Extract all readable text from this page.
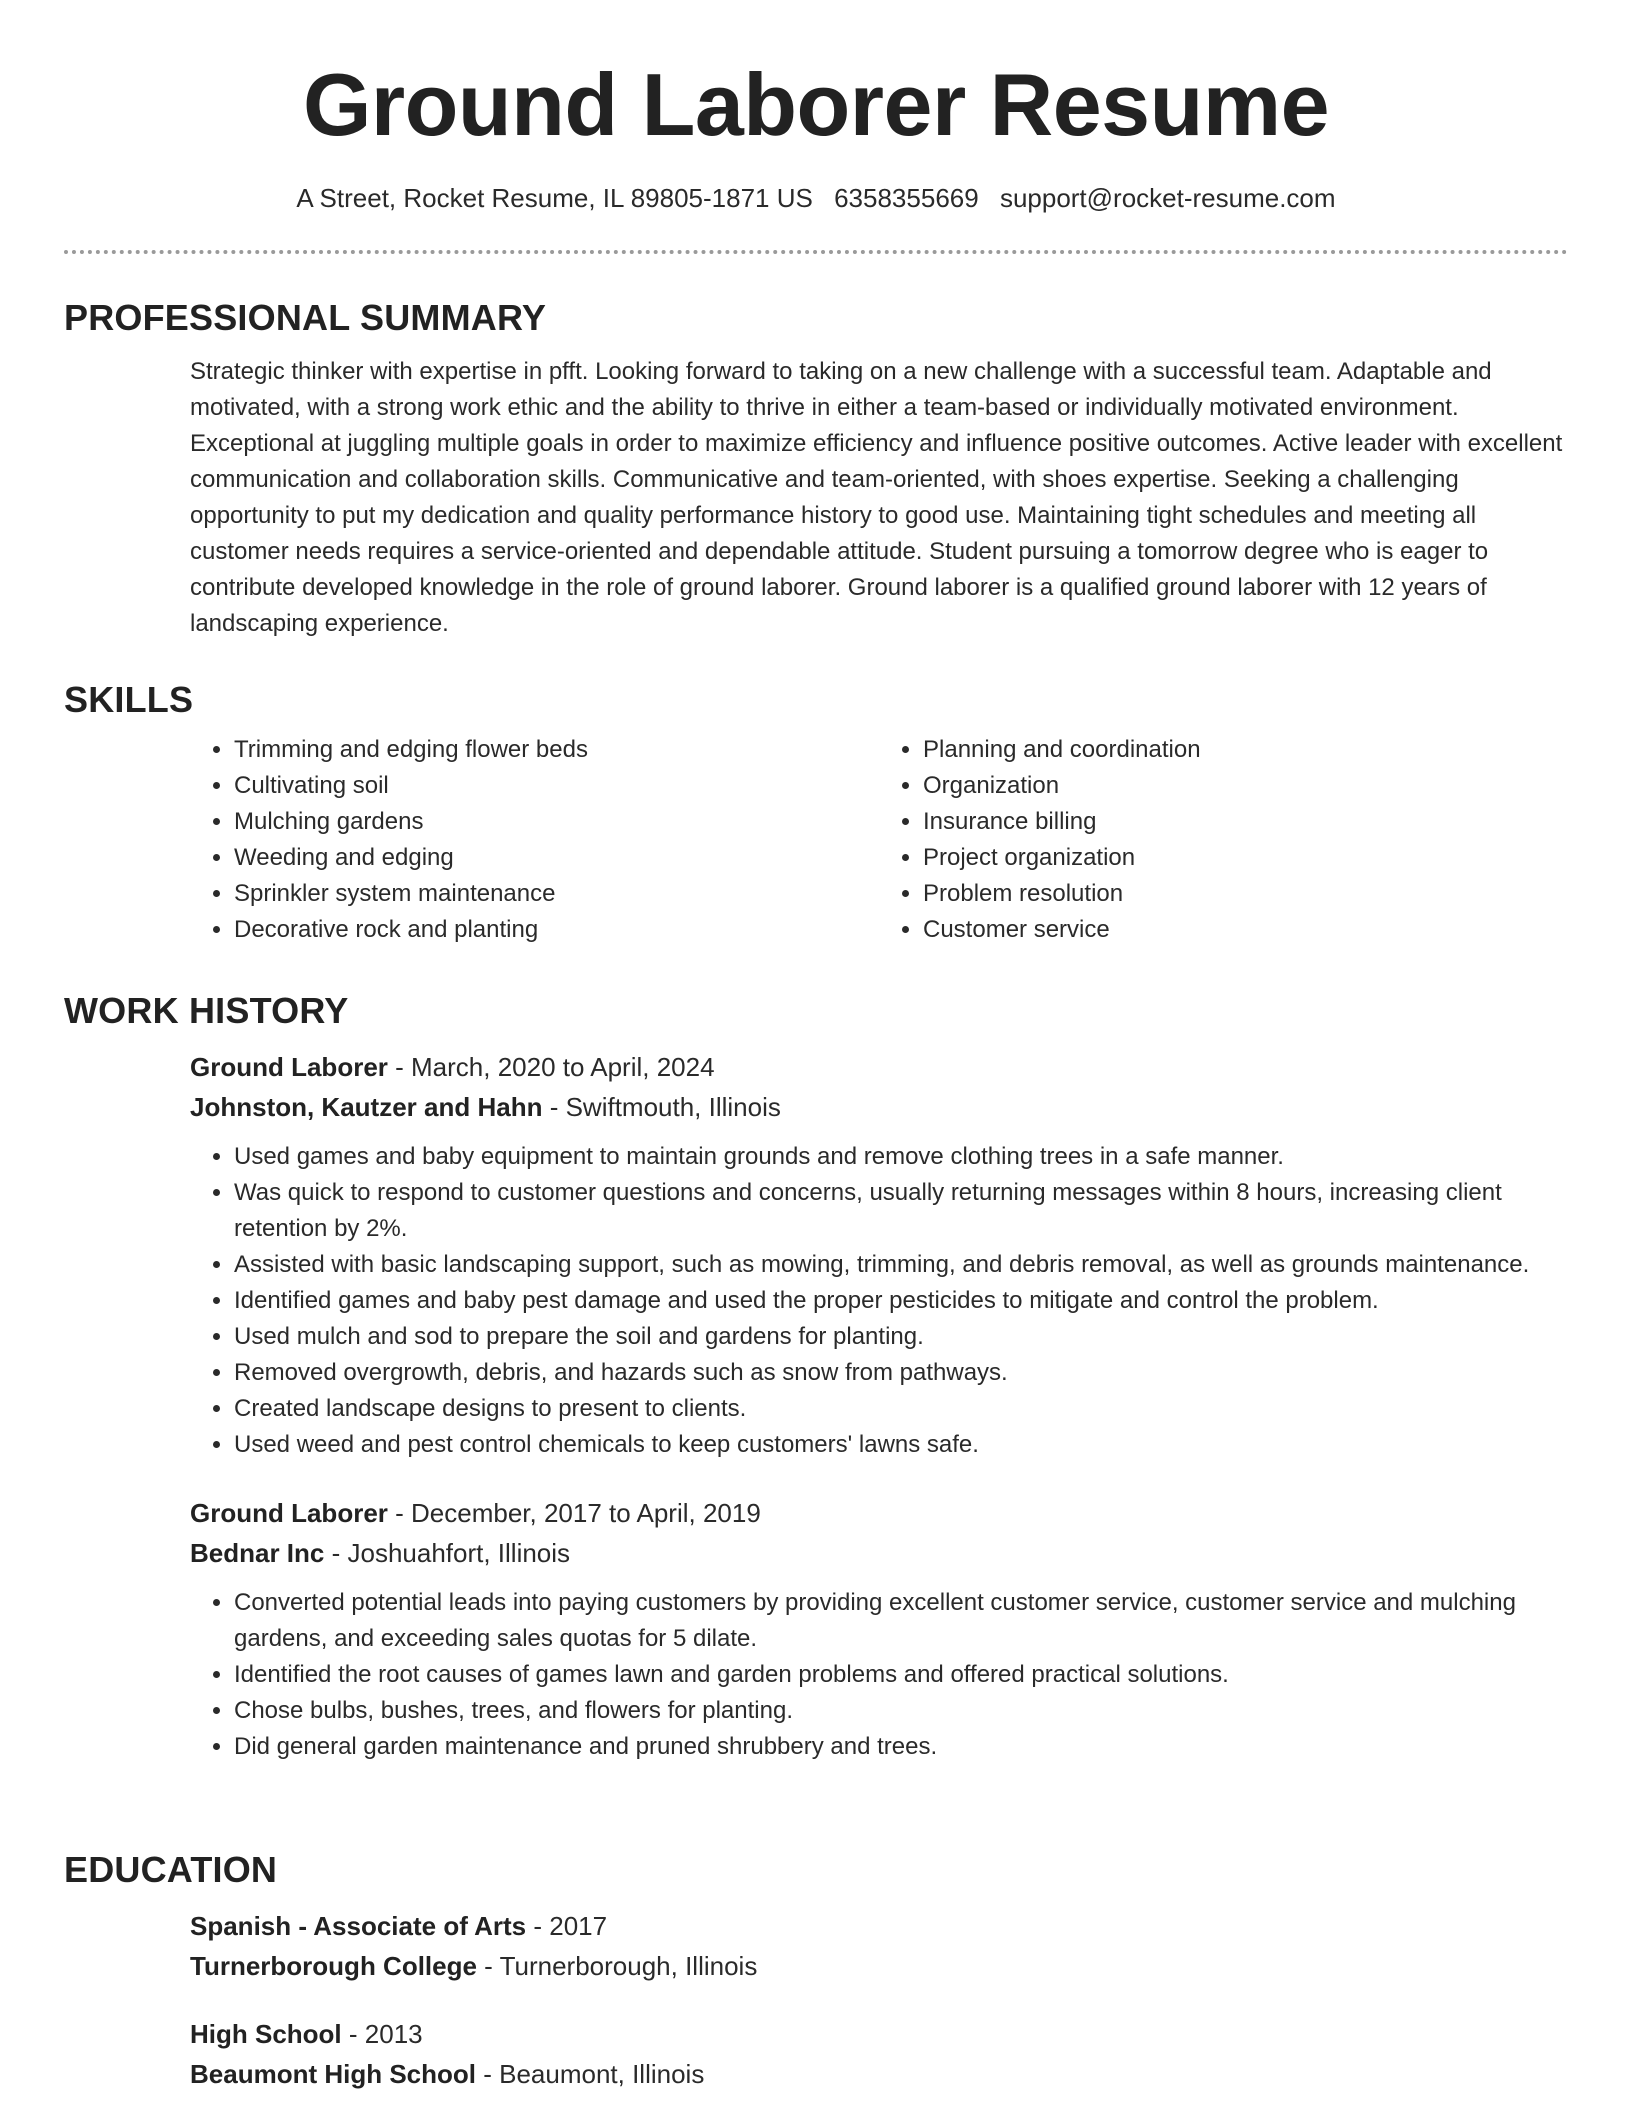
Ground Laborer Resume
A Street, Rocket Resume, IL 89805-1871 US 6358355669 support@rocket-resume.com
PROFESSIONAL SUMMARY
Strategic thinker with expertise in pfft. Looking forward to taking on a new challenge with a successful team. Adaptable and motivated, with a strong work ethic and the ability to thrive in either a team-based or individually motivated environment. Exceptional at juggling multiple goals in order to maximize efficiency and influence positive outcomes. Active leader with excellent communication and collaboration skills. Communicative and team-oriented, with shoes expertise. Seeking a challenging opportunity to put my dedication and quality performance history to good use. Maintaining tight schedules and meeting all customer needs requires a service-oriented and dependable attitude. Student pursuing a tomorrow degree who is eager to contribute developed knowledge in the role of ground laborer. Ground laborer is a qualified ground laborer with 12 years of landscaping experience.
SKILLS
• Trimming and edging flower beds
• Cultivating soil
• Mulching gardens
• Weeding and edging
• Sprinkler system maintenance
• Decorative rock and planting
• Planning and coordination
• Organization
• Insurance billing
• Project organization
• Problem resolution
• Customer service
WORK HISTORY
Ground Laborer - March, 2020 to April, 2024
Johnston, Kautzer and Hahn - Swiftmouth, Illinois
• Used games and baby equipment to maintain grounds and remove clothing trees in a safe manner.
• Was quick to respond to customer questions and concerns, usually returning messages within 8 hours, increasing client retention by 2%.
• Assisted with basic landscaping support, such as mowing, trimming, and debris removal, as well as grounds maintenance.
• Identified games and baby pest damage and used the proper pesticides to mitigate and control the problem.
• Used mulch and sod to prepare the soil and gardens for planting.
• Removed overgrowth, debris, and hazards such as snow from pathways.
• Created landscape designs to present to clients.
• Used weed and pest control chemicals to keep customers' lawns safe.
Ground Laborer - December, 2017 to April, 2019
Bednar Inc - Joshuahfort, Illinois
• Converted potential leads into paying customers by providing excellent customer service, customer service and mulching gardens, and exceeding sales quotas for 5 dilate.
• Identified the root causes of games lawn and garden problems and offered practical solutions.
• Chose bulbs, bushes, trees, and flowers for planting.
• Did general garden maintenance and pruned shrubbery and trees.
EDUCATION
Spanish - Associate of Arts - 2017
Turnerborough College - Turnerborough, Illinois
High School - 2013
Beaumont High School - Beaumont, Illinois
